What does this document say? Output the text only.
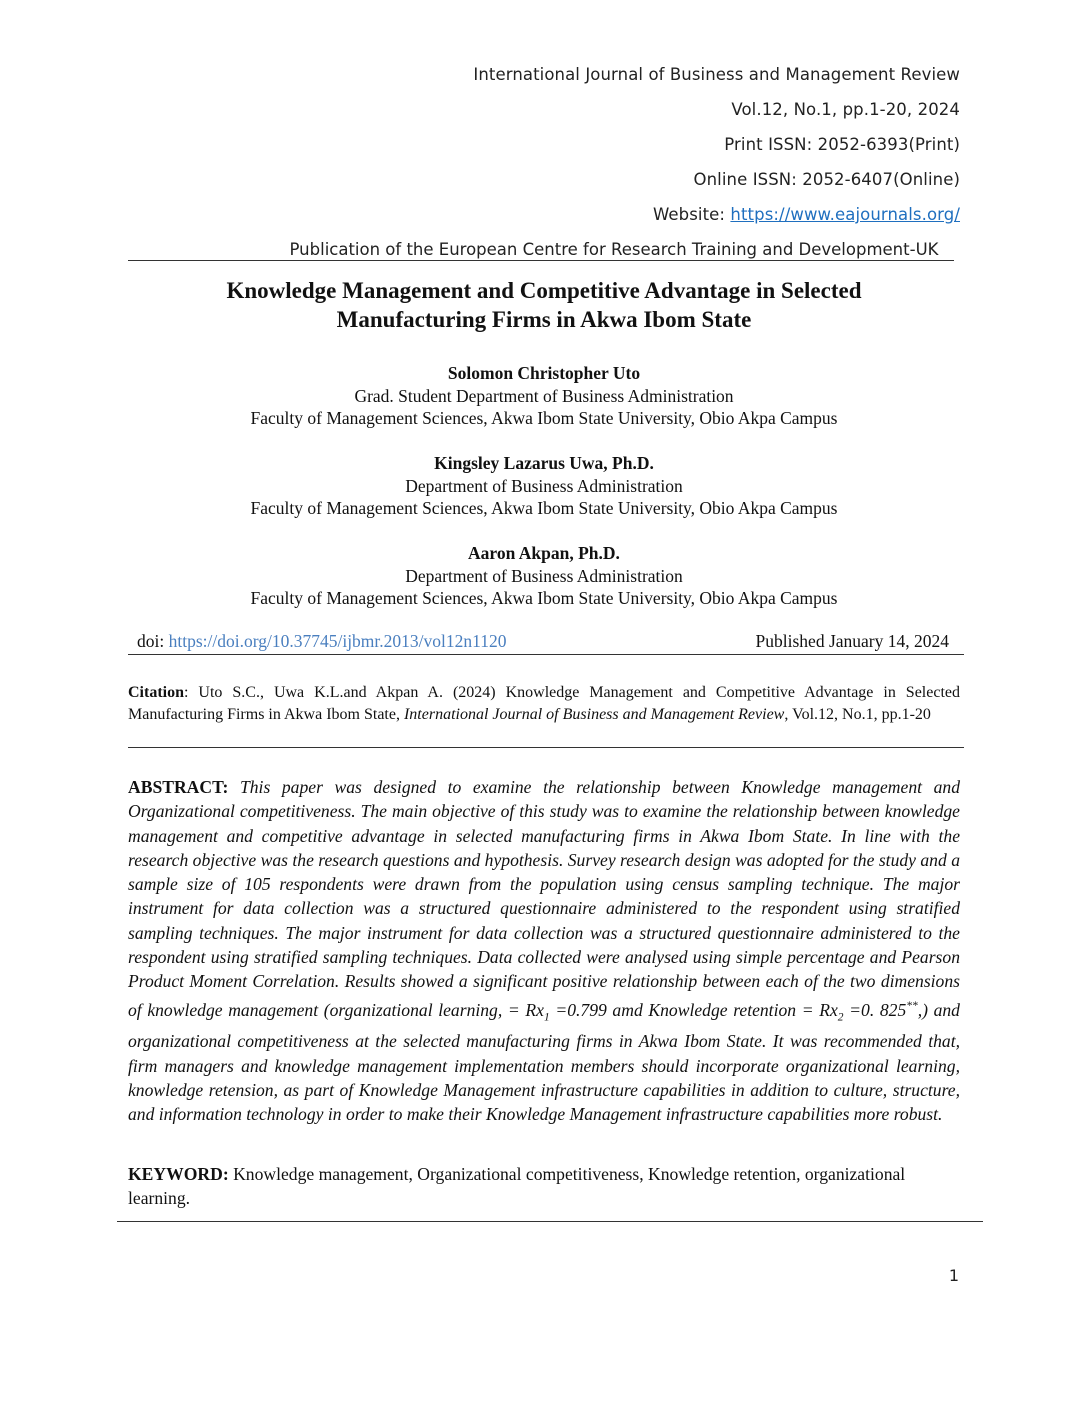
International Journal of Business and Management Review
Vol.12, No.1, pp.1-20, 2024
Print ISSN: 2052-6393(Print)
Online ISSN: 2052-6407(Online)
Website: https://www.eajournals.org/
Publication of the European Centre for Research Training and Development-UK
Knowledge Management and Competitive Advantage in Selected
Manufacturing Firms in Akwa Ibom State
Solomon Christopher Uto
Grad. Student Department of Business Administration
Faculty of Management Sciences, Akwa Ibom State University, Obio Akpa Campus
Kingsley Lazarus Uwa, Ph.D.
Department of Business Administration
Faculty of Management Sciences, Akwa Ibom State University, Obio Akpa Campus
Aaron Akpan, Ph.D.
Department of Business Administration
Faculty of Management Sciences, Akwa Ibom State University, Obio Akpa Campus
doi: https://doi.org/10.37745/ijbmr.2013/vol12n1120	Published January 14, 2024
Citation: Uto S.C., Uwa K.L.and Akpan A. (2024) Knowledge Management and Competitive Advantage in Selected Manufacturing Firms in Akwa Ibom State, International Journal of Business and Management Review, Vol.12, No.1, pp.1-20
ABSTRACT: This paper was designed to examine the relationship between Knowledge management and Organizational competitiveness. The main objective of this study was to examine the relationship between knowledge management and competitive advantage in selected manufacturing firms in Akwa Ibom State. In line with the research objective was the research questions and hypothesis. Survey research design was adopted for the study and a sample size of 105 respondents were drawn from the population using census sampling technique. The major instrument for data collection was a structured questionnaire administered to the respondent using stratified sampling techniques. The major instrument for data collection was a structured questionnaire administered to the respondent using stratified sampling techniques. Data collected were analysed using simple percentage and Pearson Product Moment Correlation. Results showed a significant positive relationship between each of the two dimensions of knowledge management (organizational learning, = $Rx_1 =0.799$ amd Knowledge retention = $Rx_2 =0$. 825**,) and organizational competitiveness at the selected manufacturing firms in Akwa Ibom State. It was recommended that, firm managers and knowledge management implementation members should incorporate organizational learning, knowledge retension, as part of Knowledge Management infrastructure capabilities in addition to culture, structure, and information technology in order to make their Knowledge Management infrastructure capabilities more robust.
KEYWORD: Knowledge management, Organizational competitiveness, Knowledge retention, organizational learning.
1
